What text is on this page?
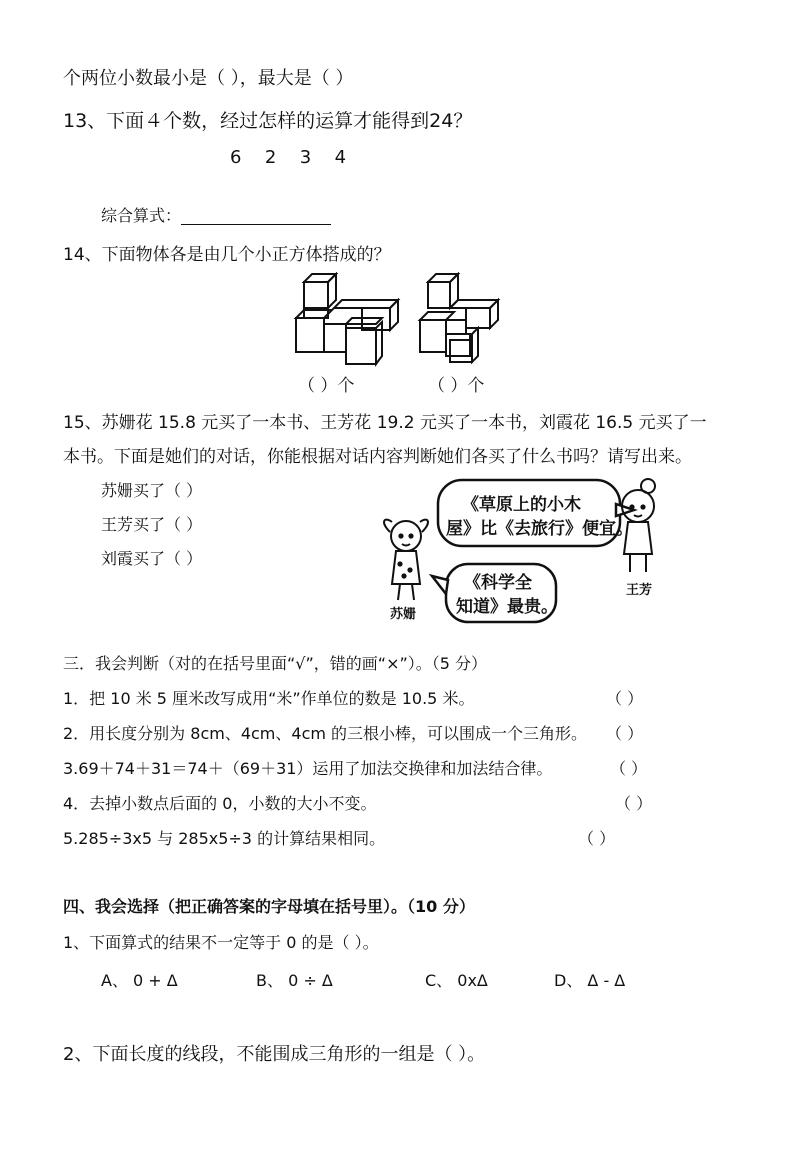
个两位小数最小是（ ），最大是（ ）
13、下面４个数，经过怎样的运算才能得到24？
6  2  3  4
综合算式：
14、下面物体各是由几个小正方体搭成的？
（ ）个	（ ）个
15、苏姗花 15.8 元买了一本书、王芳花 19.2 元买了一本书，刘霞花 16.5 元买了一
本书。下面是她们的对话，你能根据对话内容判断她们各买了什么书吗？请写出来。
苏姗买了（ ）
王芳买了（ ）
刘霞买了（ ）
《草原上的小木
屋》比《去旅行》便宜。
《科学全
知道》最贵。
苏姗
王芳
三．我会判断（对的在括号里面“√”，错的画“×”）。（5 分）
1．把 10 米 5 厘米改写成用“米”作单位的数是 10.5 米。	（ ）
2．用长度分别为 8cm、4cm、4cm 的三根小棒，可以围成一个三角形。 （ ）
3.69＋74＋31＝74＋（69＋31）运用了加法交换律和加法结合律。	（ ）
4．去掉小数点后面的 0，小数的大小不变。	（ ）
5.285÷3x5 与 285x5÷3 的计算结果相同。	（ ）
四、我会选择（把正确答案的字母填在括号里）。（10 分）
1、下面算式的结果不一定等于 0 的是（ ）。
A、 0 + Δ	B、 0 ÷ Δ	C、 0xΔ	D、 Δ - Δ
2、下面长度的线段，不能围成三角形的一组是（ ）。
